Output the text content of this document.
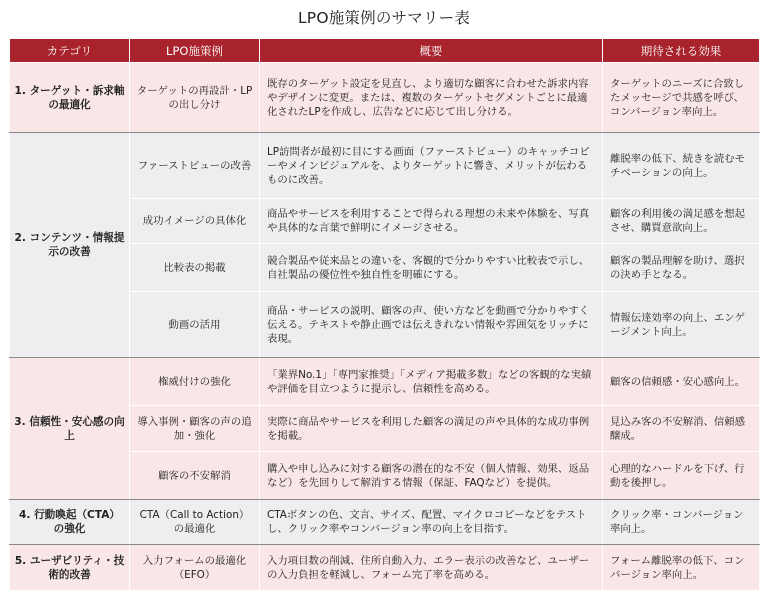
LPO施策例のサマリー表
カテゴリ	LPO施策例	概要	期待される効果
1. ターゲット・訴求軸の最適化	ターゲットの再設計・LPの出し分け	既存のターゲット設定を見直し、より適切な顧客に合わせた訴求内容やデザインに変更。または、複数のターゲットセグメントごとに最適化されたLPを作成し、広告などに応じて出し分ける。	ターゲットのニーズに合致したメッセージで共感を呼び、コンバージョン率向上。
2. コンテンツ・情報提示の改善	ファーストビューの改善	LP訪問者が最初に目にする画面（ファーストビュー）のキャッチコピーやメインビジュアルを、よりターゲットに響き、メリットが伝わるものに改善。	離脱率の低下、続きを読むモチベーションの向上。
	成功イメージの具体化	商品やサービスを利用することで得られる理想の未来や体験を、写真や具体的な言葉で鮮明にイメージさせる。	顧客の利用後の満足感を想起させ、購買意欲向上。
	比較表の掲載	競合製品や従来品との違いを、客観的で分かりやすい比較表で示し、自社製品の優位性や独自性を明確にする。	顧客の製品理解を助け、選択の決め手となる。
	動画の活用	商品・サービスの説明、顧客の声、使い方などを動画で分かりやすく伝える。テキストや静止画では伝えきれない情報や雰囲気をリッチに表現。	情報伝達効率の向上、エンゲージメント向上。
3. 信頼性・安心感の向上	権威付けの強化	「業界No.1」「専門家推奨」「メディア掲載多数」などの客観的な実績や評価を目立つように提示し、信頼性を高める。	顧客の信頼感・安心感向上。
	導入事例・顧客の声の追加・強化	実際に商品やサービスを利用した顧客の満足の声や具体的な成功事例を掲載。	見込み客の不安解消、信頼感醸成。
	顧客の不安解消	購入や申し込みに対する顧客の潜在的な不安（個人情報、効果、返品など）を先回りして解消する情報（保証、FAQなど）を提供。	心理的なハードルを下げ、行動を後押し。
4. 行動喚起（CTA）の強化	CTA（Call to Action）の最適化	CTAボタンの色、文言、サイズ、配置、マイクロコピーなどをテストし、クリック率やコンバージョン率の向上を目指す。	クリック率・コンバージョン率向上。
5. ユーザビリティ・技術的改善	入力フォームの最適化（EFO）	入力項目数の削減、住所自動入力、エラー表示の改善など、ユーザーの入力負担を軽減し、フォーム完了率を高める。	フォーム離脱率の低下、コンバージョン率向上。
